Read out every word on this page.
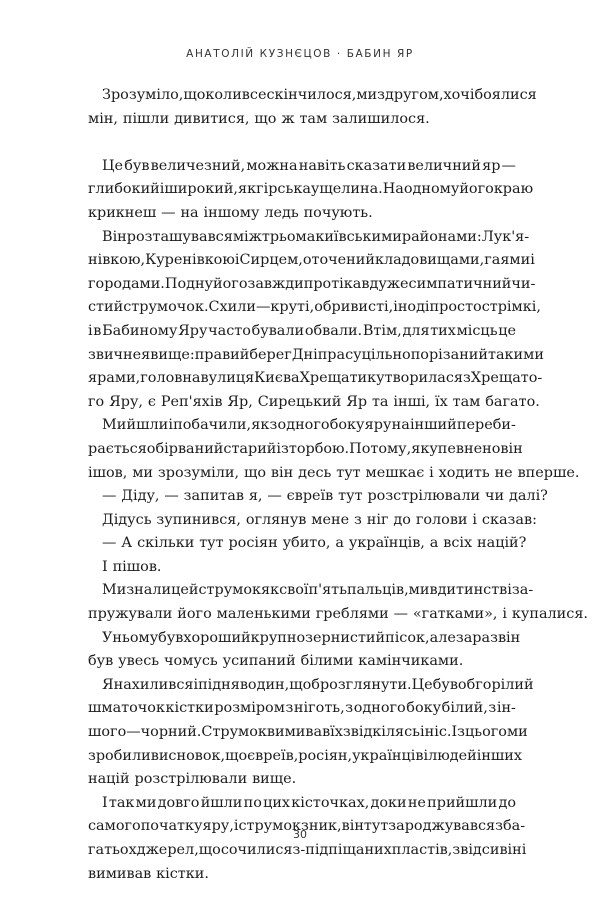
АНАТОЛІЙ КУЗНЄЦОВ · БАБИН ЯР
Зрозуміло, що коли все скінчилося, ми з другом, хоч і боялися
мін, пішли дивитися, що ж там залишилося.
Це був величезний, можна навіть сказати величний яр —
глибокий і широкий, як гірська ущелина. На одному його краю
крикнеш — на іншому ледь почують.
Він розташувався між трьома київськими районами: Лук'я-
нівкою, Куренівкою і Сирцем, оточений кладовищами, гаями і
городами. По дну його завжди протікав дуже симпатичний чи-
стий струмочок. Схили — круті, обривисті, іноді просто стрімкі,
і в Бабиному Яру часто бували обвали. Втім, для тих місць це
звичне явище: правий берег Дніпра суцільно порізаний такими
ярами, головна вулиця Києва Хрещатик утворилася з Хрещато-
го Яру, є Реп'яхів Яр, Сирецький Яр та інші, їх там багато.
Ми йшли і побачили, як з одного боку яру на інший переби-
рається обірваний старий із торбою. По тому, як упевнено він
ішов, ми зрозуміли, що він десь тут мешкає і ходить не вперше.
— Діду, — запитав я, — євреїв тут розстрілювали чи далі?
Дідусь зупинився, оглянув мене з ніг до голови і сказав:
— А скільки тут росіян убито, а українців, а всіх націй?
І пішов.
Ми знали цей струмок як свої п'ять пальців, ми в дитинстві за-
пружували його маленькими греблями — «гатками», і купалися.
У ньому був хороший крупнозернистий пісок, але зараз він
був увесь чомусь усипаний білими камінчиками.
Я нахилився і підняв один, щоб розглянути. Це був обгорілий
шматочок кістки розміром з ніготь, з одного боку білий, з ін-
шого — чорний. Струмок вимивав їх звідкілясь і ніс. Із цього ми
зробили висновок, що євреїв, росіян, українців і людей інших
націй розстрілювали вище.
І так ми довго йшли по цих кісточках, доки не прийшли до
самого початку яру, і струмок зник, він тут зароджувався з ба-
гатьох джерел, що сочилися з-під піщаних пластів, звідси він і
вимивав кістки.
30
